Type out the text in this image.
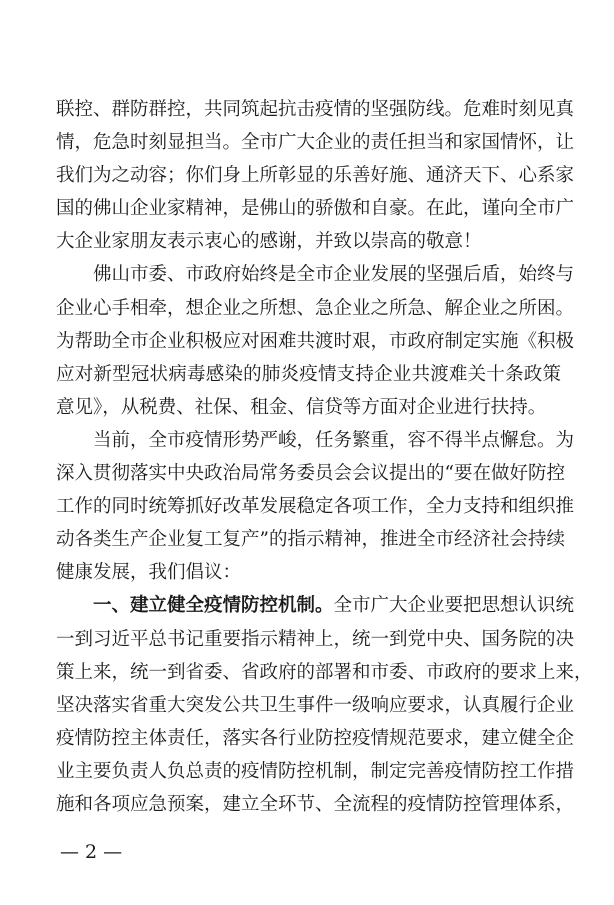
联控、群防群控，共同筑起抗击疫情的坚强防线。危难时刻见真
情，危急时刻显担当。全市广大企业的责任担当和家国情怀，让
我们为之动容；你们身上所彰显的乐善好施、通济天下、心系家
国的佛山企业家精神，是佛山的骄傲和自豪。在此，谨向全市广
大企业家朋友表示衷心的感谢，并致以崇高的敬意！
　　佛山市委、市政府始终是全市企业发展的坚强后盾，始终与
企业心手相牵，想企业之所想、急企业之所急、解企业之所困。
为帮助全市企业积极应对困难共渡时艰，市政府制定实施《积极
应对新型冠状病毒感染的肺炎疫情支持企业共渡难关十条政策
意见》，从税费、社保、租金、信贷等方面对企业进行扶持。
　　当前，全市疫情形势严峻，任务繁重，容不得半点懈怠。为
深入贯彻落实中央政治局常务委员会会议提出的“要在做好防控
工作的同时统筹抓好改革发展稳定各项工作，全力支持和组织推
动各类生产企业复工复产”的指示精神，推进全市经济社会持续
健康发展，我们倡议：
　　一、建立健全疫情防控机制。全市广大企业要把思想认识统
一到习近平总书记重要指示精神上，统一到党中央、国务院的决
策上来，统一到省委、省政府的部署和市委、市政府的要求上来，
坚决落实省重大突发公共卫生事件一级响应要求，认真履行企业
疫情防控主体责任，落实各行业防控疫情规范要求，建立健全企
业主要负责人负总责的疫情防控机制，制定完善疫情防控工作措
施和各项应急预案，建立全环节、全流程的疫情防控管理体系，
— 2 —
